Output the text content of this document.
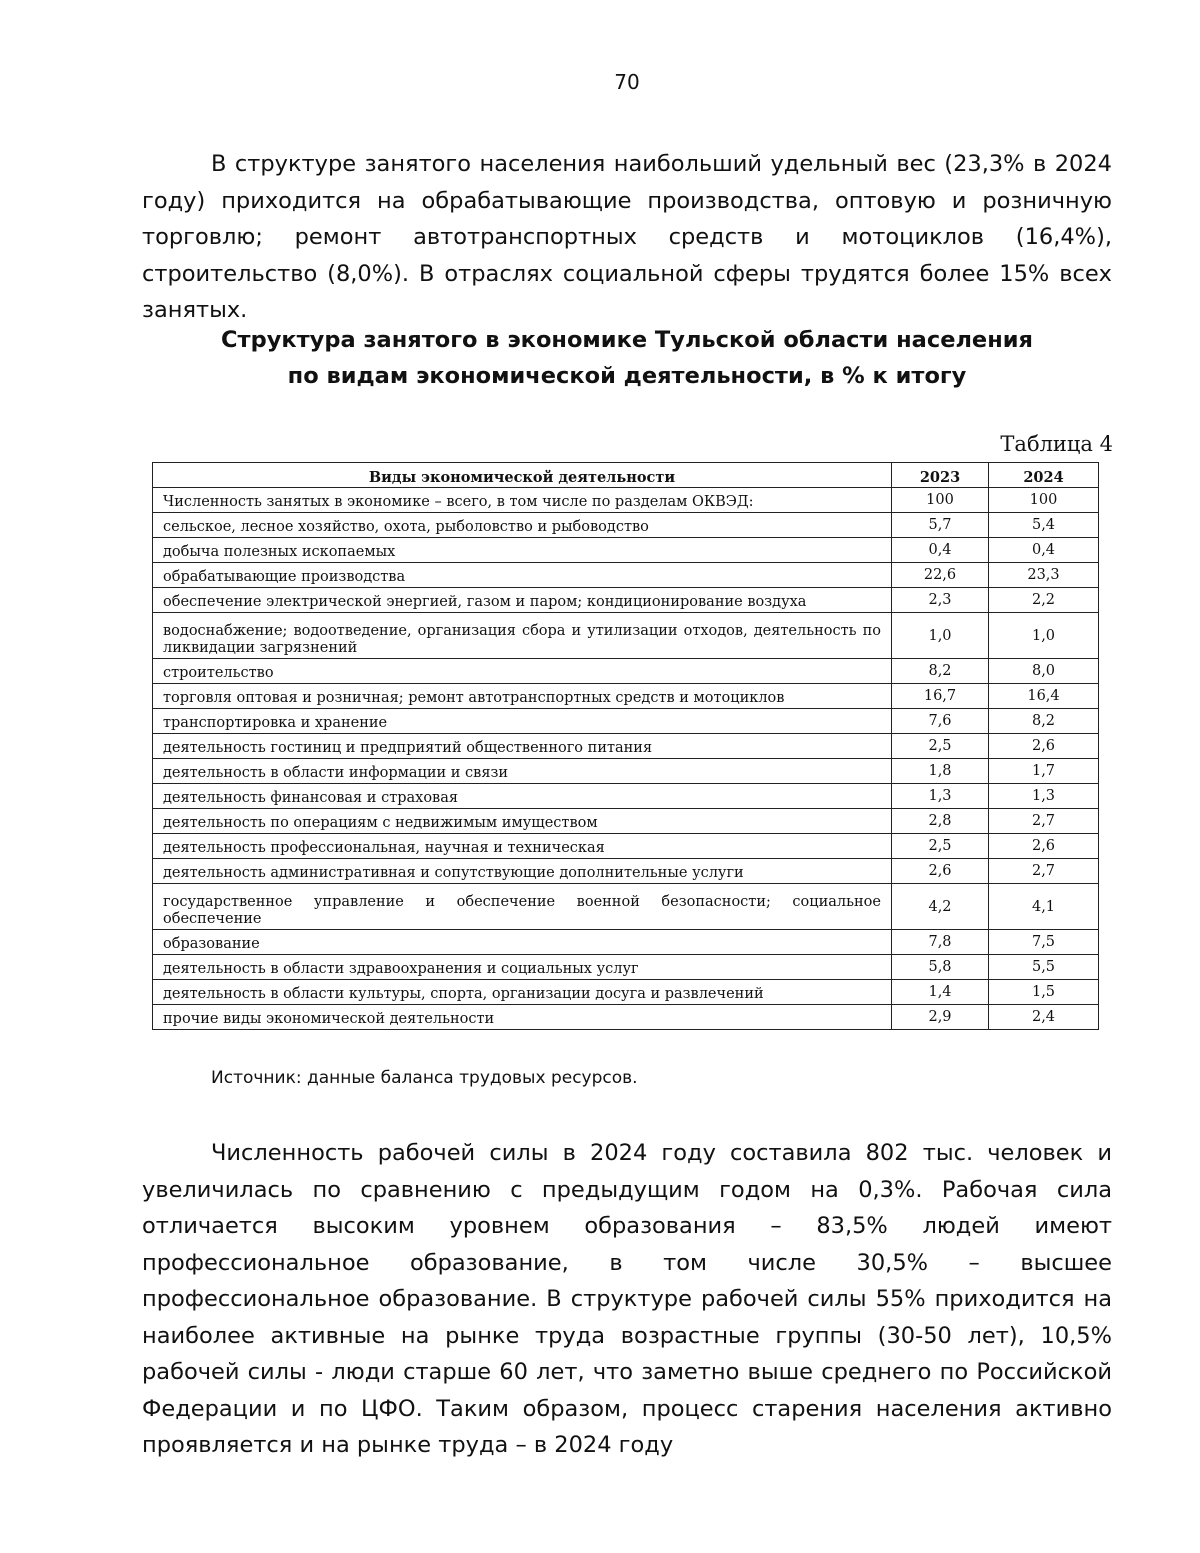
70

В структуре занятого населения наибольший удельный вес (23,3% в 2024 году) приходится на обрабатывающие производства, оптовую и розничную торговлю; ремонт автотранспортных средств и мотоциклов (16,4%), строительство (8,0%). В отраслях социальной сферы трудятся более 15% всех занятых.

Структура занятого в экономике Тульской области населения
по видам экономической деятельности, в % к итогу
Таблица 4
Виды экономической деятельности	2023	2024
Численность занятых в экономике – всего, в том числе по разделам ОКВЭД:	100	100
сельское, лесное хозяйство, охота, рыболовство и рыбоводство	5,7	5,4
добыча полезных ископаемых	0,4	0,4
обрабатывающие производства	22,6	23,3
обеспечение электрической энергией, газом и паром; кондиционирование воздуха	2,3	2,2
водоснабжение; водоотведение, организация сбора и утилизации отходов, деятельность по ликвидации загрязнений	1,0	1,0
строительство	8,2	8,0
торговля оптовая и розничная; ремонт автотранспортных средств и мотоциклов	16,7	16,4
транспортировка и хранение	7,6	8,2
деятельность гостиниц и предприятий общественного питания	2,5	2,6
деятельность в области информации и связи	1,8	1,7
деятельность финансовая и страховая	1,3	1,3
деятельность по операциям с недвижимым имуществом	2,8	2,7
деятельность профессиональная, научная и техническая	2,5	2,6
деятельность административная и сопутствующие дополнительные услуги	2,6	2,7
государственное управление и обеспечение военной безопасности; социальное обеспечение	4,2	4,1
образование	7,8	7,5
деятельность в области здравоохранения и социальных услуг	5,8	5,5
деятельность в области культуры, спорта, организации досуга и развлечений	1,4	1,5
прочие виды экономической деятельности	2,9	2,4
Источник: данные баланса трудовых ресурсов.

Численность рабочей силы в 2024 году составила 802 тыс. человек и увеличилась по сравнению с предыдущим годом на 0,3%. Рабочая сила отличается высоким уровнем образования – 83,5% людей имеют профессиональное образование, в том числе 30,5% – высшее профессиональное образование. В структуре рабочей силы 55% приходится на наиболее активные на рынке труда возрастные группы (30-50 лет), 10,5% рабочей силы - люди старше 60 лет, что заметно выше среднего по Российской Федерации и по ЦФО. Таким образом, процесс старения населения активно проявляется и на рынке труда – в 2024 году
